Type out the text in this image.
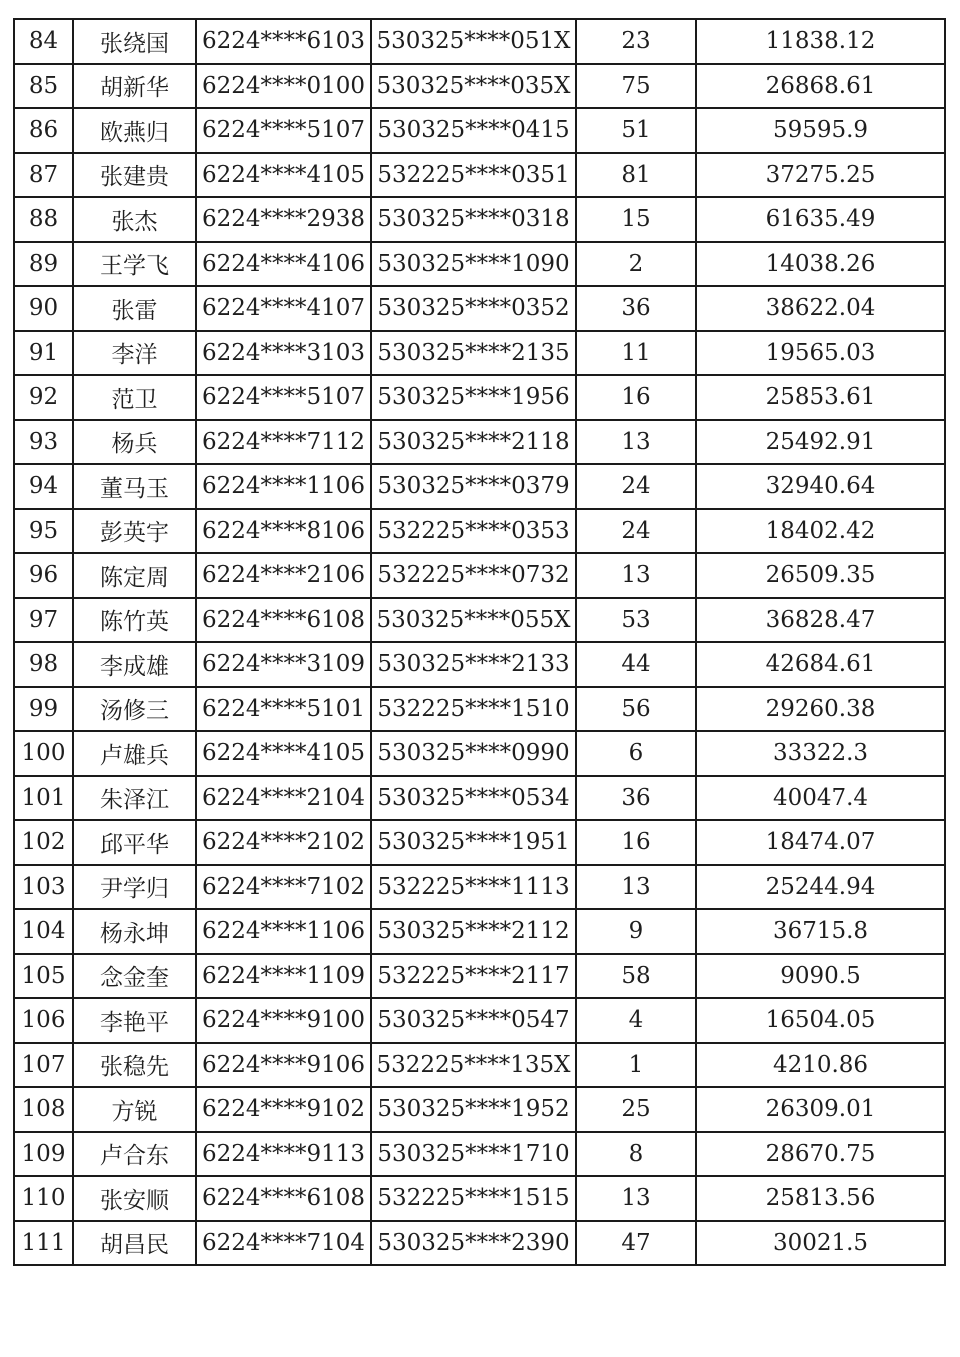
84	张绕国	6224****6103	530325****051X	23	11838.12
85	胡新华	6224****0100	530325****035X	75	26868.61
86	欧燕归	6224****5107	530325****0415	51	59595.9
87	张建贵	6224****4105	532225****0351	81	37275.25
88	张杰	6224****2938	530325****0318	15	61635.49
89	王学飞	6224****4106	530325****1090	2	14038.26
90	张雷	6224****4107	530325****0352	36	38622.04
91	李洋	6224****3103	530325****2135	11	19565.03
92	范卫	6224****5107	530325****1956	16	25853.61
93	杨兵	6224****7112	530325****2118	13	25492.91
94	董马玉	6224****1106	530325****0379	24	32940.64
95	彭英宇	6224****8106	532225****0353	24	18402.42
96	陈定周	6224****2106	532225****0732	13	26509.35
97	陈竹英	6224****6108	530325****055X	53	36828.47
98	李成雄	6224****3109	530325****2133	44	42684.61
99	汤修三	6224****5101	532225****1510	56	29260.38
100	卢雄兵	6224****4105	530325****0990	6	33322.3
101	朱泽江	6224****2104	530325****0534	36	40047.4
102	邱平华	6224****2102	530325****1951	16	18474.07
103	尹学归	6224****7102	532225****1113	13	25244.94
104	杨永坤	6224****1106	530325****2112	9	36715.8
105	念金奎	6224****1109	532225****2117	58	9090.5
106	李艳平	6224****9100	530325****0547	4	16504.05
107	张稳先	6224****9106	532225****135X	1	4210.86
108	方锐	6224****9102	530325****1952	25	26309.01
109	卢合东	6224****9113	530325****1710	8	28670.75
110	张安顺	6224****6108	532225****1515	13	25813.56
111	胡昌民	6224****7104	530325****2390	47	30021.5
